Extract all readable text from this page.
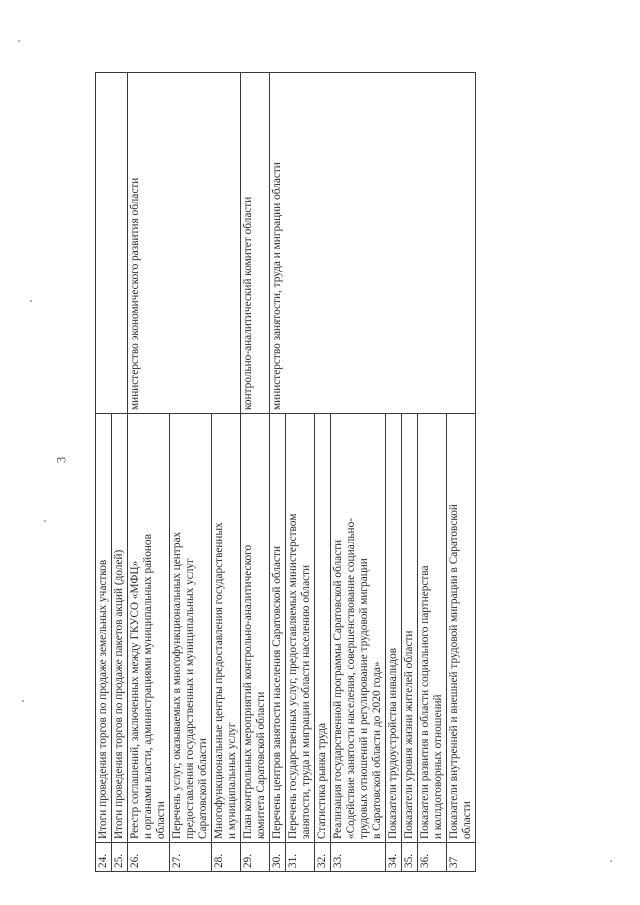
3
24.	Итоги проведения торгов по продаже земельных участков	

25.	Итоги проведения торгов по продаже пакетов акций (долей)	

26.	Реестр соглашений, заключенных между ГКУСО «МФЦ» и органами власти, администрациями муниципальных районов области	министерство экономического развития области

27.	Перечень услуг, оказываемых в многофункциональных центрах предоставления государственных и муниципальных услуг Саратовской области	

28.	Многофункциональные центры предоставления государственных и муниципальных услуг	

29.	План контрольных мероприятий контрольно-аналитического комитета Саратовской области	контрольно-аналитический комитет области

30.	Перечень центров занятости населения Саратовской области	министерство занятости, труда и миграции области

31.	Перечень государственных услуг, предоставляемых министерством занятости, труда и миграции области населению области	

32.	Статистика рынка труда	

33.	Реализация государственной программы Саратовской области «Содействие занятости населения, совершенствование социально- трудовых отношений и регулирование трудовой миграции в Саратовской области до 2020 года»	

34.	Показатели трудоустройства инвалидов	

35.	Показатели уровня жизни жителей области	

36.	Показатели развития в области социального партнерства и коллдоговорных отношений	

37	Показатели внутренней и внешней трудовой миграции в Саратовской области	
